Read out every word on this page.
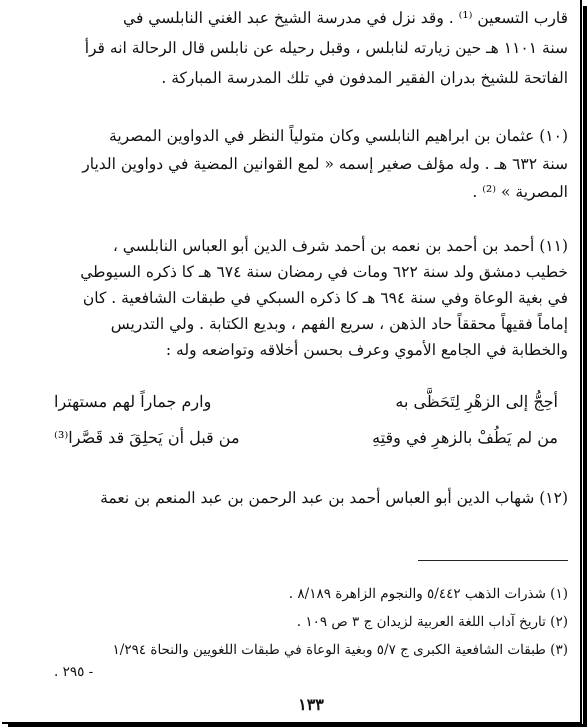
قارب التسعين ⁽¹⁾ . وقد نزل في مدرسة الشيخ عبد الغني النابلسي في
سنة ١١٠١ هـ حين زيارته لنابلس ، وقبل رحيله عن نابلس قال الرحالة انه قرأ
الفاتحة للشيخ بدران الفقير المدفون في تلك المدرسة المباركة .
(١٠) عثمان بن ابراهيم النابلسي وكان متولياً النظر في الدواوين المصرية
سنة ٦٣٢ هـ . وله مؤلف صغير إسمه « لمع القوانين المضية في دواوين الديار
المصرية » ⁽²⁾ .
(١١) أحمد بن أحمد بن نعمه بن أحمد شرف الدين أبو العباس النابلسي ،
خطيب دمشق ولد سنة ٦٢٢ ومات في رمضان سنة ٦٧٤ هـ كا ذكره السيوطي
في بغية الوعاة وفي سنة ٦٩٤ هـ كا ذكره السبكي في طبقات الشافعية . كان
إماماً فقيهاً محققاً حاد الذهن ، سريع الفهم ، وبديع الكتابة . ولي التدريس
والخطابة في الجامع الأموي وعرف بحسن أخلاقه وتواضعه وله :
أحِجُّ إلى الزهْرِ لِتَحَظَّى به
وارم جماراً لهم مستهترا
من لم يَطُفْ بالزهرِ في وقتِهِ
من قبل أن يَحلِقَ قد قَصَّرا⁽³⁾
(١٢) شهاب الدين أبو العباس أحمد بن عبد الرحمن بن عبد المنعم بن نعمة
(١) شذرات الذهب ٥/٤٤٢ والنجوم الزاهرة ٨/١٨٩ .
(٢) تاريخ آداب اللغة العربية لزيدان ج ٣ ص ١٠٩ .
(٣) طبقات الشافعية الكبرى ج ٥/٧ وبغية الوعاة في طبقات اللغويين والنحاة ١/٢٩٤
- ٢٩٥ .
١٣٣
